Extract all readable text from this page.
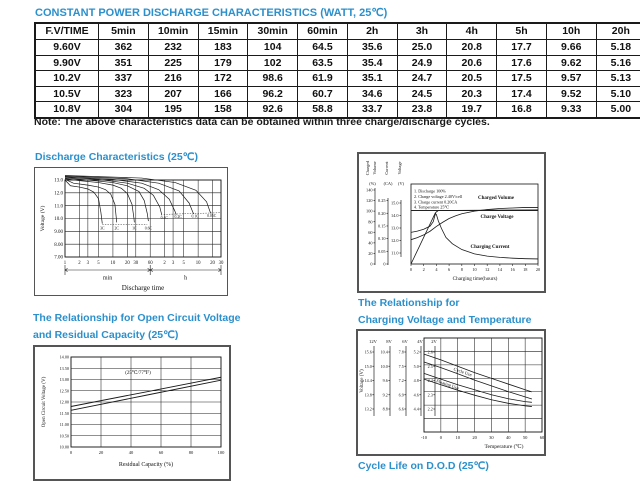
CONSTANT POWER DISCHARGE CHARACTERISTICS (WATT, 25℃)
F.V/TIME	5min	10min	15min	30min	60min	2h	3h	4h	5h	10h	20h
9.60V	362	232	183	104	64.5	35.6	25.0	20.8	17.7	9.66	5.18
9.90V	351	225	179	102	63.5	35.4	24.9	20.6	17.6	9.62	5.16
10.2V	337	216	172	98.6	61.9	35.1	24.7	20.5	17.5	9.57	5.13
10.5V	323	207	166	96.2	60.7	34.6	24.5	20.3	17.4	9.52	5.10
10.8V	304	195	158	92.6	58.8	33.7	23.8	19.7	16.8	9.33	5.00
Note: The above characteristics data can be obtained within three charge/discharge cycles.
Discharge Characteristics (25℃)
13.0
12.0
11.0
10.0
9.00
8.00
7.00
1	2 3 5 10 20 30 60 2 3 5 10 20 30
Voltage (V)	3C	2C	1C 0.6C
0.4C 0.2C	0.1C 0.05C
min	h
Discharge time
Charged Volume Current Voltage
(%) (CA) (V)
140
120
100
80
60
40
20
0
0.25
0.20
0.15
0.10
0.05
0
15.0
14.0
13.0
12.0
11.0
0 2 4 6 8 10 12 14 16 18 20
Charging time(hours)
1. Discharge 100%
2. Charge voltage 2.40V/cell
3. Charge current 0.20CA
4. Temperature 25℃
Charged Volume
Charge Voltage
Charging Current
The Relationship for Open Circuit Voltage
and Residual Capacity (25℃)
14.00
13.50
13.00
12.50
12.00
11.50
11.00
10.50
10.00
0	20	40	60	80	100
Open Circuit Voltage (V)
Residual Capacity (%)
(25℃/77℉)
The Relationship for
Charging Voltage and Temperature
-10	0	10	20	30	40	50	60
Temperature (℃)
Voltage (V)
12V
15.6
15.0
14.4
13.8
13.2
8V
10.4
10.0
9.6
9.2
8.8
6V
7.8
7.5
7.2
6.9
6.6
4V
5.2
5.0
4.8
4.6
4.4
2V
2.6
2.5
2.4
2.3
2.2
Cycle Use
Floating Use
Cycle Life on D.O.D (25℃)
